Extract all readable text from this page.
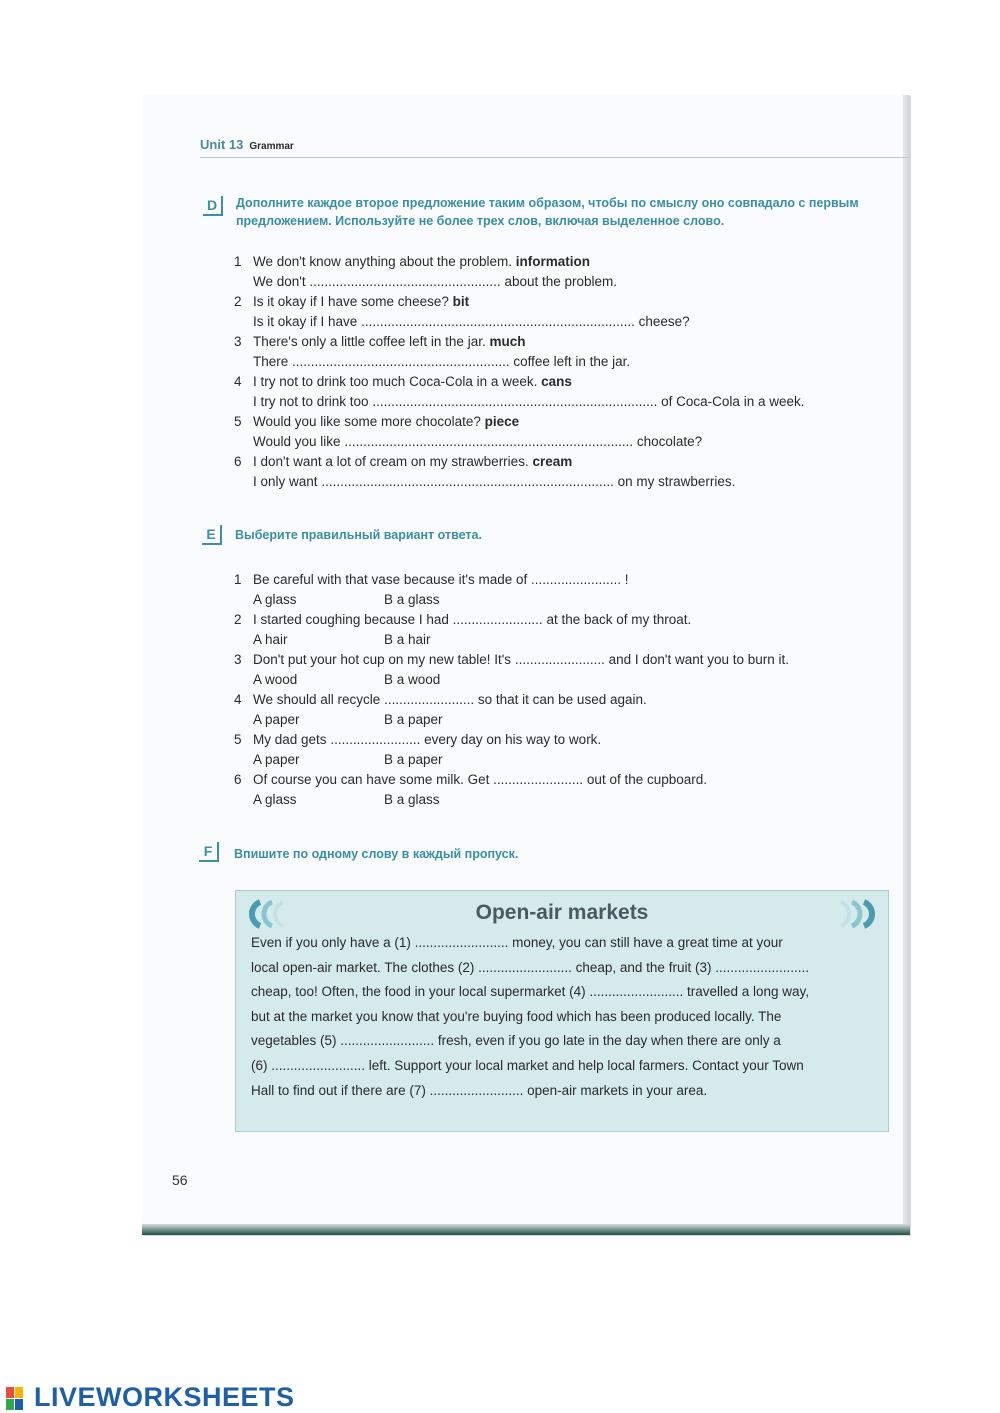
Unit 13 Grammar
D	Дополните каждое второе предложение таким образом, чтобы по смыслу оно совпадало с первым предложением. Используйте не более трех слов, включая выделенное слово.
1 We don't know anything about the problem. information
We don't ................................................... about the problem.
2 Is it okay if I have some cheese? bit
Is it okay if I have ......................................................................... cheese?
3 There's only a little coffee left in the jar. much
There .......................................................... coffee left in the jar.
4 I try not to drink too much Coca-Cola in a week. cans
I try not to drink too ............................................................................ of Coca-Cola in a week.
5 Would you like some more chocolate? piece
Would you like ............................................................................. chocolate?
6 I don't want a lot of cream on my strawberries. cream
I only want .............................................................................. on my strawberries.
E	Выберите правильный вариант ответа.
1 Be careful with that vase because it's made of ........................ !
A glass	B a glass
2 I started coughing because I had ........................ at the back of my throat.
A hair	B a hair
3 Don't put your hot cup on my new table! It's ........................ and I don't want you to burn it.
A wood	B a wood
4 We should all recycle ........................ so that it can be used again.
A paper	B a paper
5 My dad gets ........................ every day on his way to work.
A paper	B a paper
6 Of course you can have some milk. Get ........................ out of the cupboard.
A glass	B a glass
F	Впишите по одному слову в каждый пропуск.
Open-air markets
Even if you only have a (1) ......................... money, you can still have a great time at your
local open-air market. The clothes (2) ......................... cheap, and the fruit (3) .........................
cheap, too! Often, the food in your local supermarket (4) ......................... travelled a long way,
but at the market you know that you're buying food which has been produced locally. The
vegetables (5) ......................... fresh, even if you go late in the day when there are only a
(6) ......................... left. Support your local market and help local farmers. Contact your Town
Hall to find out if there are (7) ......................... open-air markets in your area.
56
LIVEWORKSHEETS
